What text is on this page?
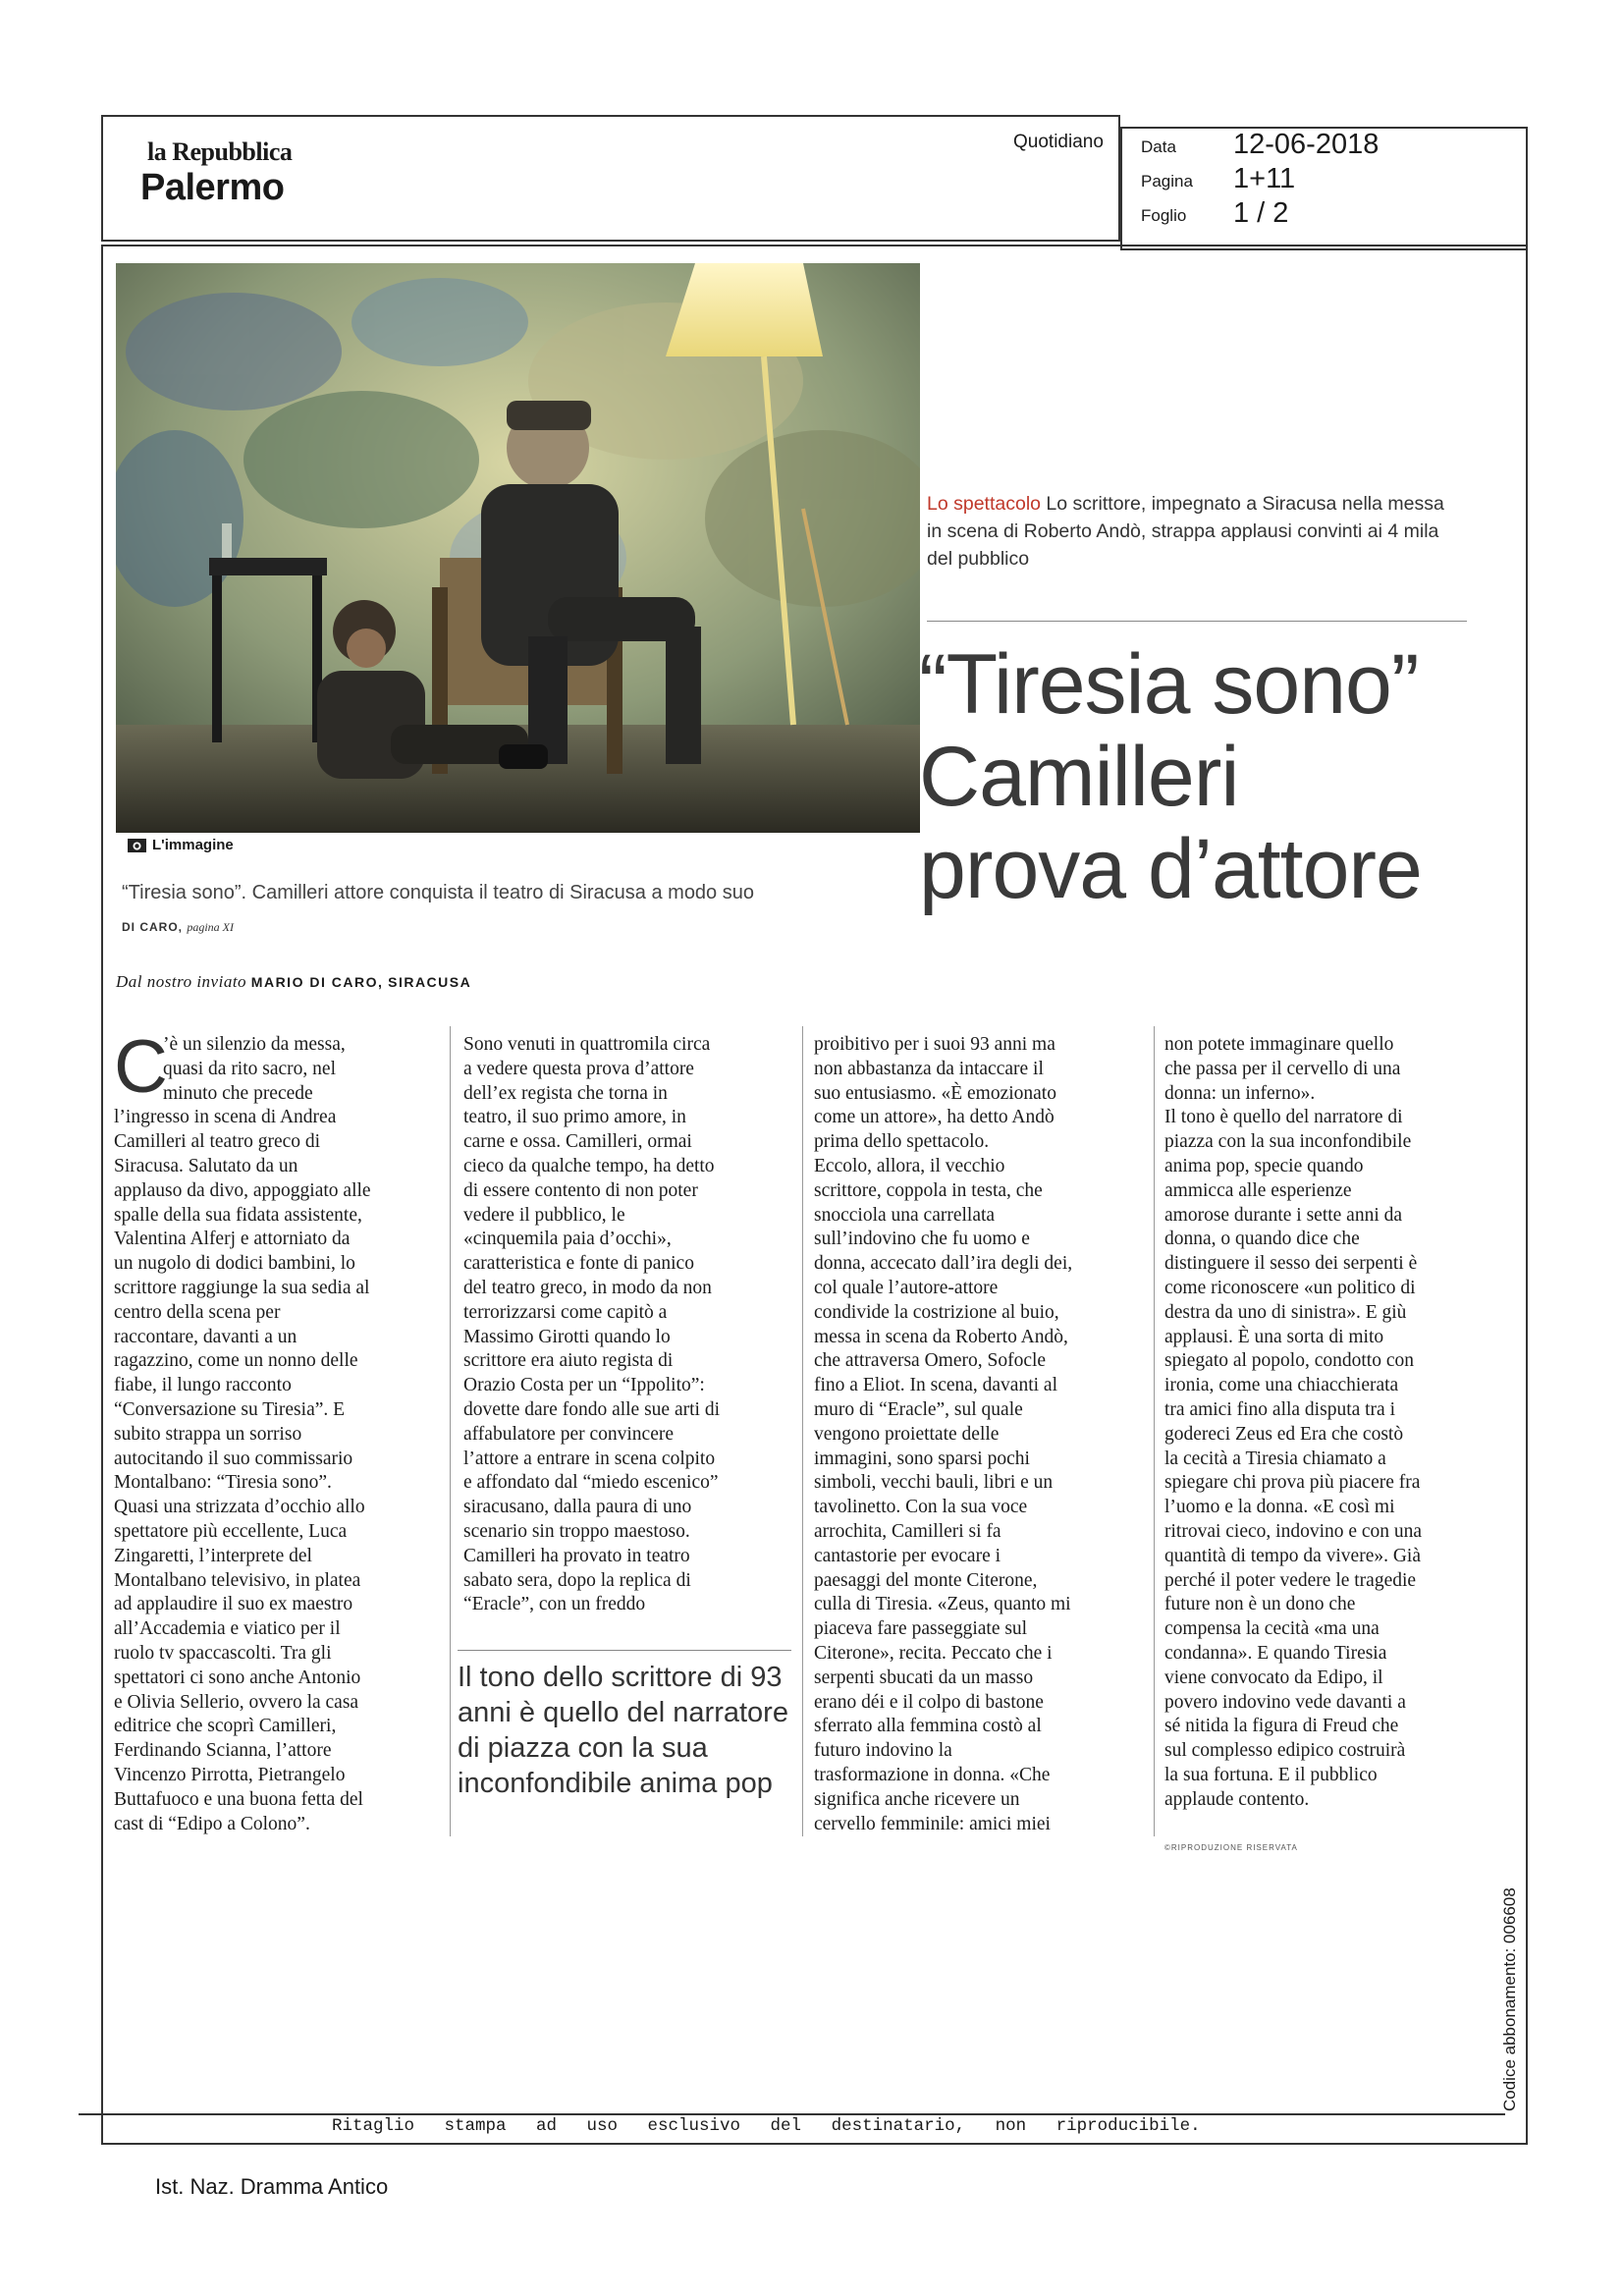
la Repubblica
Palermo
Quotidiano Data 12-06-2018
Pagina 1+11
Foglio 1 / 2
L'immagine
“Tiresia sono”. Camilleri attore conquista il teatro di Siracusa a modo suo
DI CARO, pagina XI
Lo spettacolo Lo scrittore, impegnato a Siracusa nella messa in scena di Roberto Andò, strappa applausi convinti ai 4 mila del pubblico
“Tiresia sono”
Camilleri
prova d’attore
Dal nostro inviato MARIO DI CARO, SIRACUSA
C
’è un silenzio da messa,
quasi da rito sacro, nel
minuto che precede
l’ingresso in scena di Andrea
Camilleri al teatro greco di
Siracusa. Salutato da un
applauso da divo, appoggiato alle
spalle della sua fidata assistente,
Valentina Alferj e attorniato da
un nugolo di dodici bambini, lo
scrittore raggiunge la sua sedia al
centro della scena per
raccontare, davanti a un
ragazzino, come un nonno delle
fiabe, il lungo racconto
“Conversazione su Tiresia”. E
subito strappa un sorriso
autocitando il suo commissario
Montalbano: “Tiresia sono”.
Quasi una strizzata d’occhio allo
spettatore più eccellente, Luca
Zingaretti, l’interprete del
Montalbano televisivo, in platea
ad applaudire il suo ex maestro
all’Accademia e viatico per il
ruolo tv spaccascolti. Tra gli
spettatori ci sono anche Antonio
e Olivia Sellerio, ovvero la casa
editrice che scoprì Camilleri,
Ferdinando Scianna, l’attore
Vincenzo Pirrotta, Pietrangelo
Buttafuoco e una buona fetta del
cast di “Edipo a Colono”.
Sono venuti in quattromila circa
a vedere questa prova d’attore
dell’ex regista che torna in
teatro, il suo primo amore, in
carne e ossa. Camilleri, ormai
cieco da qualche tempo, ha detto
di essere contento di non poter
vedere il pubblico, le
«cinquemila paia d’occhi»,
caratteristica e fonte di panico
del teatro greco, in modo da non
terrorizzarsi come capitò a
Massimo Girotti quando lo
scrittore era aiuto regista di
Orazio Costa per un “Ippolito”:
dovette dare fondo alle sue arti di
affabulatore per convincere
l’attore a entrare in scena colpito
e affondato dal “miedo escenico”
siracusano, dalla paura di uno
scenario sin troppo maestoso.
Camilleri ha provato in teatro
sabato sera, dopo la replica di
“Eracle”, con un freddo
proibitivo per i suoi 93 anni ma
non abbastanza da intaccare il
suo entusiasmo. «È emozionato
come un attore», ha detto Andò
prima dello spettacolo.
Eccolo, allora, il vecchio
scrittore, coppola in testa, che
snocciola una carrellata
sull’indovino che fu uomo e
donna, accecato dall’ira degli dei,
col quale l’autore-attore
condivide la costrizione al buio,
messa in scena da Roberto Andò,
che attraversa Omero, Sofocle
fino a Eliot. In scena, davanti al
muro di “Eracle”, sul quale
vengono proiettate delle
immagini, sono sparsi pochi
simboli, vecchi bauli, libri e un
tavolinetto. Con la sua voce
arrochita, Camilleri si fa
cantastorie per evocare i
paesaggi del monte Citerone,
culla di Tiresia. «Zeus, quanto mi
piaceva fare passeggiate sul
Citerone», recita. Peccato che i
serpenti sbucati da un masso
erano déi e il colpo di bastone
sferrato alla femmina costò al
futuro indovino la
trasformazione in donna. «Che
significa anche ricevere un
cervello femminile: amici miei
non potete immaginare quello
che passa per il cervello di una
donna: un inferno».
Il tono è quello del narratore di
piazza con la sua inconfondibile
anima pop, specie quando
ammicca alle esperienze
amorose durante i sette anni da
donna, o quando dice che
distinguere il sesso dei serpenti è
come riconoscere «un politico di
destra da uno di sinistra». E giù
applausi. È una sorta di mito
spiegato al popolo, condotto con
ironia, come una chiacchierata
tra amici fino alla disputa tra i
godereci Zeus ed Era che costò
la cecità a Tiresia chiamato a
spiegare chi prova più piacere fra
l’uomo e la donna. «E così mi
ritrovai cieco, indovino e con una
quantità di tempo da vivere». Già
perché il poter vedere le tragedie
future non è un dono che
compensa la cecità «ma una
condanna». E quando Tiresia
viene convocato da Edipo, il
povero indovino vede davanti a
sé nitida la figura di Freud che
sul complesso edipico costruirà
la sua fortuna. E il pubblico
applaude contento.
Il tono dello scrittore di 93 anni è quello del narratore di piazza con la sua inconfondibile anima pop
©RIPRODUZIONE RISERVATA
Codice abbonamento: 006608
Ritaglio stampa ad uso esclusivo del destinatario, non riproducibile.
Ist. Naz. Dramma Antico
